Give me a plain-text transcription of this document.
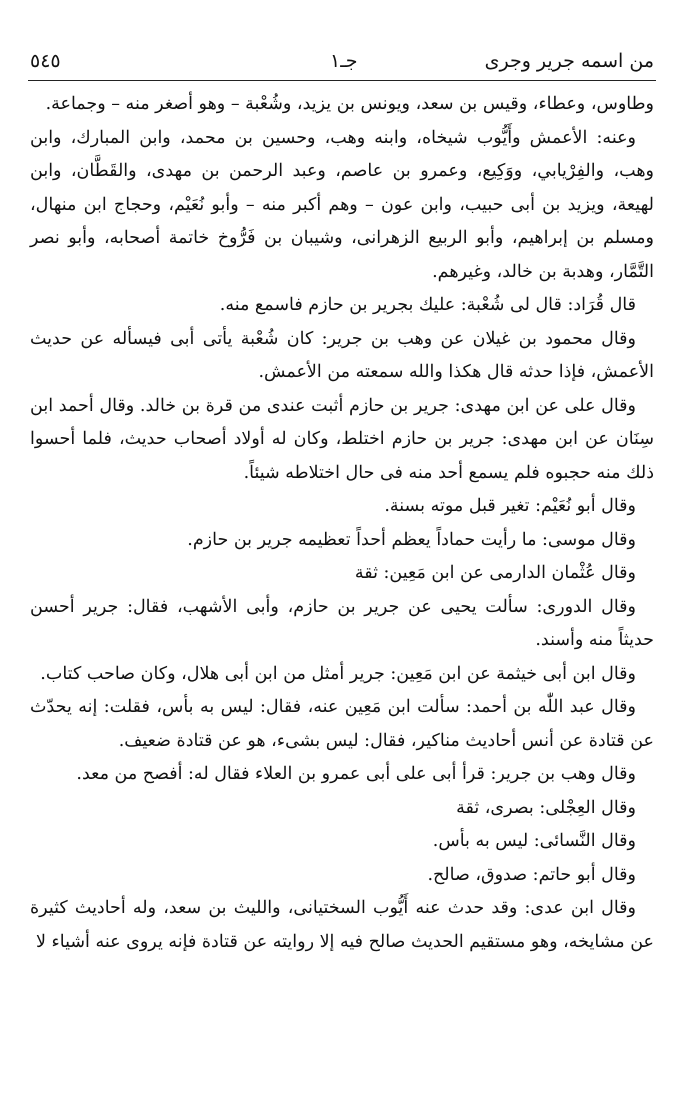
من اسمه جرير وجرى
جـ١
٥٤٥

وطاوس، وعطاء، وقيس بن سعد، ويونس بن يزيد، وشُعْبة – وهو أصغر منه – وجماعة.

وعنه: الأعمش وأَيُّوب شيخاه، وابنه وهب، وحسين بن محمد، وابن المبارك، وابن وهب، والفِرْيابي، ووَكِيع، وعمرو بن عاصم، وعبد الرحمن بن مهدى، والقَطَّان، وابن لهيعة، ويزيد بن أبى حبيب، وابن عون – وهم أكبر منه – وأبو نُعَيْم، وحجاج ابن منهال، ومسلم بن إبراهيم، وأبو الربيع الزهرانى، وشيبان بن فَرُّوخ خاتمة أصحابه، وأبو نصر التَّمَّار، وهدبة بن خالد، وغيرهم.

قال قُرَاد: قال لى شُعْبة: عليك بجرير بن حازم فاسمع منه.

وقال محمود بن غيلان عن وهب بن جرير: كان شُعْبة يأتى أبى فيسأله عن حديث الأعمش، فإذا حدثه قال هكذا والله سمعته من الأعمش.

وقال على عن ابن مهدى: جرير بن حازم أثبت عندى من قرة بن خالد. وقال أحمد ابن سِنَان عن ابن مهدى: جرير بن حازم اختلط، وكان له أولاد أصحاب حديث، فلما أحسوا ذلك منه حجبوه فلم يسمع أحد منه فى حال اختلاطه شيئاً.

وقال أبو نُعَيْم: تغير قبل موته بسنة.

وقال موسى: ما رأيت حماداً يعظم أحداً تعظيمه جرير بن حازم.

وقال عُثْمان الدارمى عن ابن مَعِين: ثقة

وقال الدورى: سألت يحيى عن جرير بن حازم، وأبى الأشهب، فقال: جرير أحسن حديثاً منه وأسند.

وقال ابن أبى خيثمة عن ابن مَعِين: جرير أمثل من ابن أبى هلال، وكان صاحب كتاب.

وقال عبد اللّٰه بن أحمد: سألت ابن مَعِين عنه، فقال: ليس به بأس، فقلت: إنه يحدّث عن قتادة عن أنس أحاديث مناكير، فقال: ليس بشىء، هو عن قتادة ضعيف.

وقال وهب بن جرير: قرأ أبى على أبى عمرو بن العلاء فقال له: أفصح من معد.

وقال العِجْلى: بصرى، ثقة

وقال النَّسائى: ليس به بأس.

وقال أبو حاتم: صدوق، صالح.

وقال ابن عدى: وقد حدث عنه أَيُّوب السختيانى، والليث بن سعد، وله أحاديث كثيرة عن مشايخه، وهو مستقيم الحديث صالح فيه إلا روايته عن قتادة فإنه يروى عنه أشياء لا
